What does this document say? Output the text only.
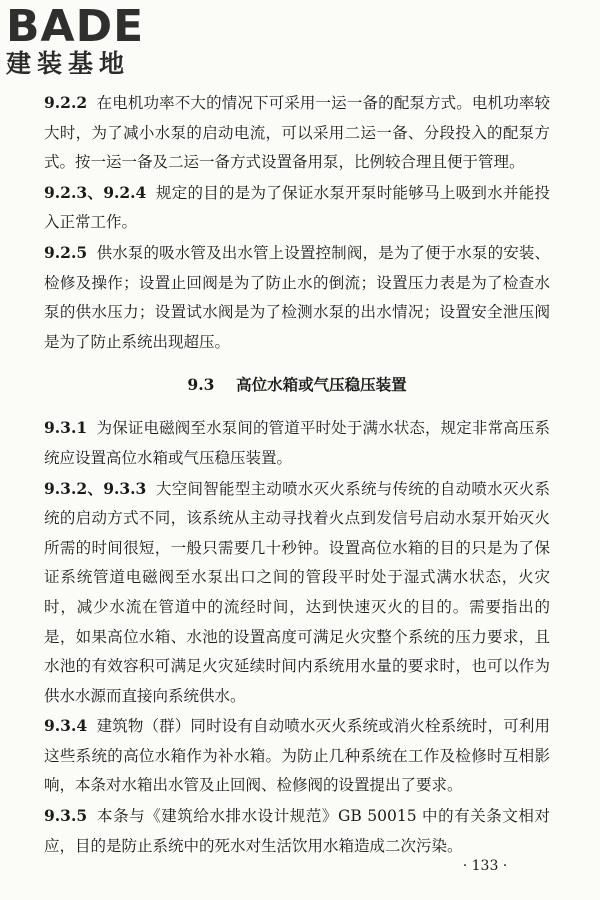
BADE
建装基地

9.2.2 在电机功率不大的情况下可采用一运一备的配泵方式。电机功率较大时，为了减小水泵的启动电流，可以采用二运一备、分段投入的配泵方式。按一运一备及二运一备方式设置备用泵，比例较合理且便于管理。

9.2.3、9.2.4 规定的目的是为了保证水泵开泵时能够马上吸到水并能投入正常工作。

9.2.5 供水泵的吸水管及出水管上设置控制阀，是为了便于水泵的安装、检修及操作；设置止回阀是为了防止水的倒流；设置压力表是为了检查水泵的供水压力；设置试水阀是为了检测水泵的出水情况；设置安全泄压阀是为了防止系统出现超压。

9.3 高位水箱或气压稳压装置

9.3.1 为保证电磁阀至水泵间的管道平时处于满水状态，规定非常高压系统应设置高位水箱或气压稳压装置。

9.3.2、9.3.3 大空间智能型主动喷水灭火系统与传统的自动喷水灭火系统的启动方式不同，该系统从主动寻找着火点到发信号启动水泵开始灭火所需的时间很短，一般只需要几十秒钟。设置高位水箱的目的只是为了保证系统管道电磁阀至水泵出口之间的管段平时处于湿式满水状态，火灾时，减少水流在管道中的流经时间，达到快速灭火的目的。需要指出的是，如果高位水箱、水池的设置高度可满足火灾整个系统的压力要求，且水池的有效容积可满足火灾延续时间内系统用水量的要求时，也可以作为供水水源而直接向系统供水。

9.3.4 建筑物（群）同时设有自动喷水灭火系统或消火栓系统时，可利用这些系统的高位水箱作为补水箱。为防止几种系统在工作及检修时互相影响，本条对水箱出水管及止回阀、检修阀的设置提出了要求。

9.3.5 本条与《建筑给水排水设计规范》GB 50015 中的有关条文相对应，目的是防止系统中的死水对生活饮用水箱造成二次污染。

· 133 ·
